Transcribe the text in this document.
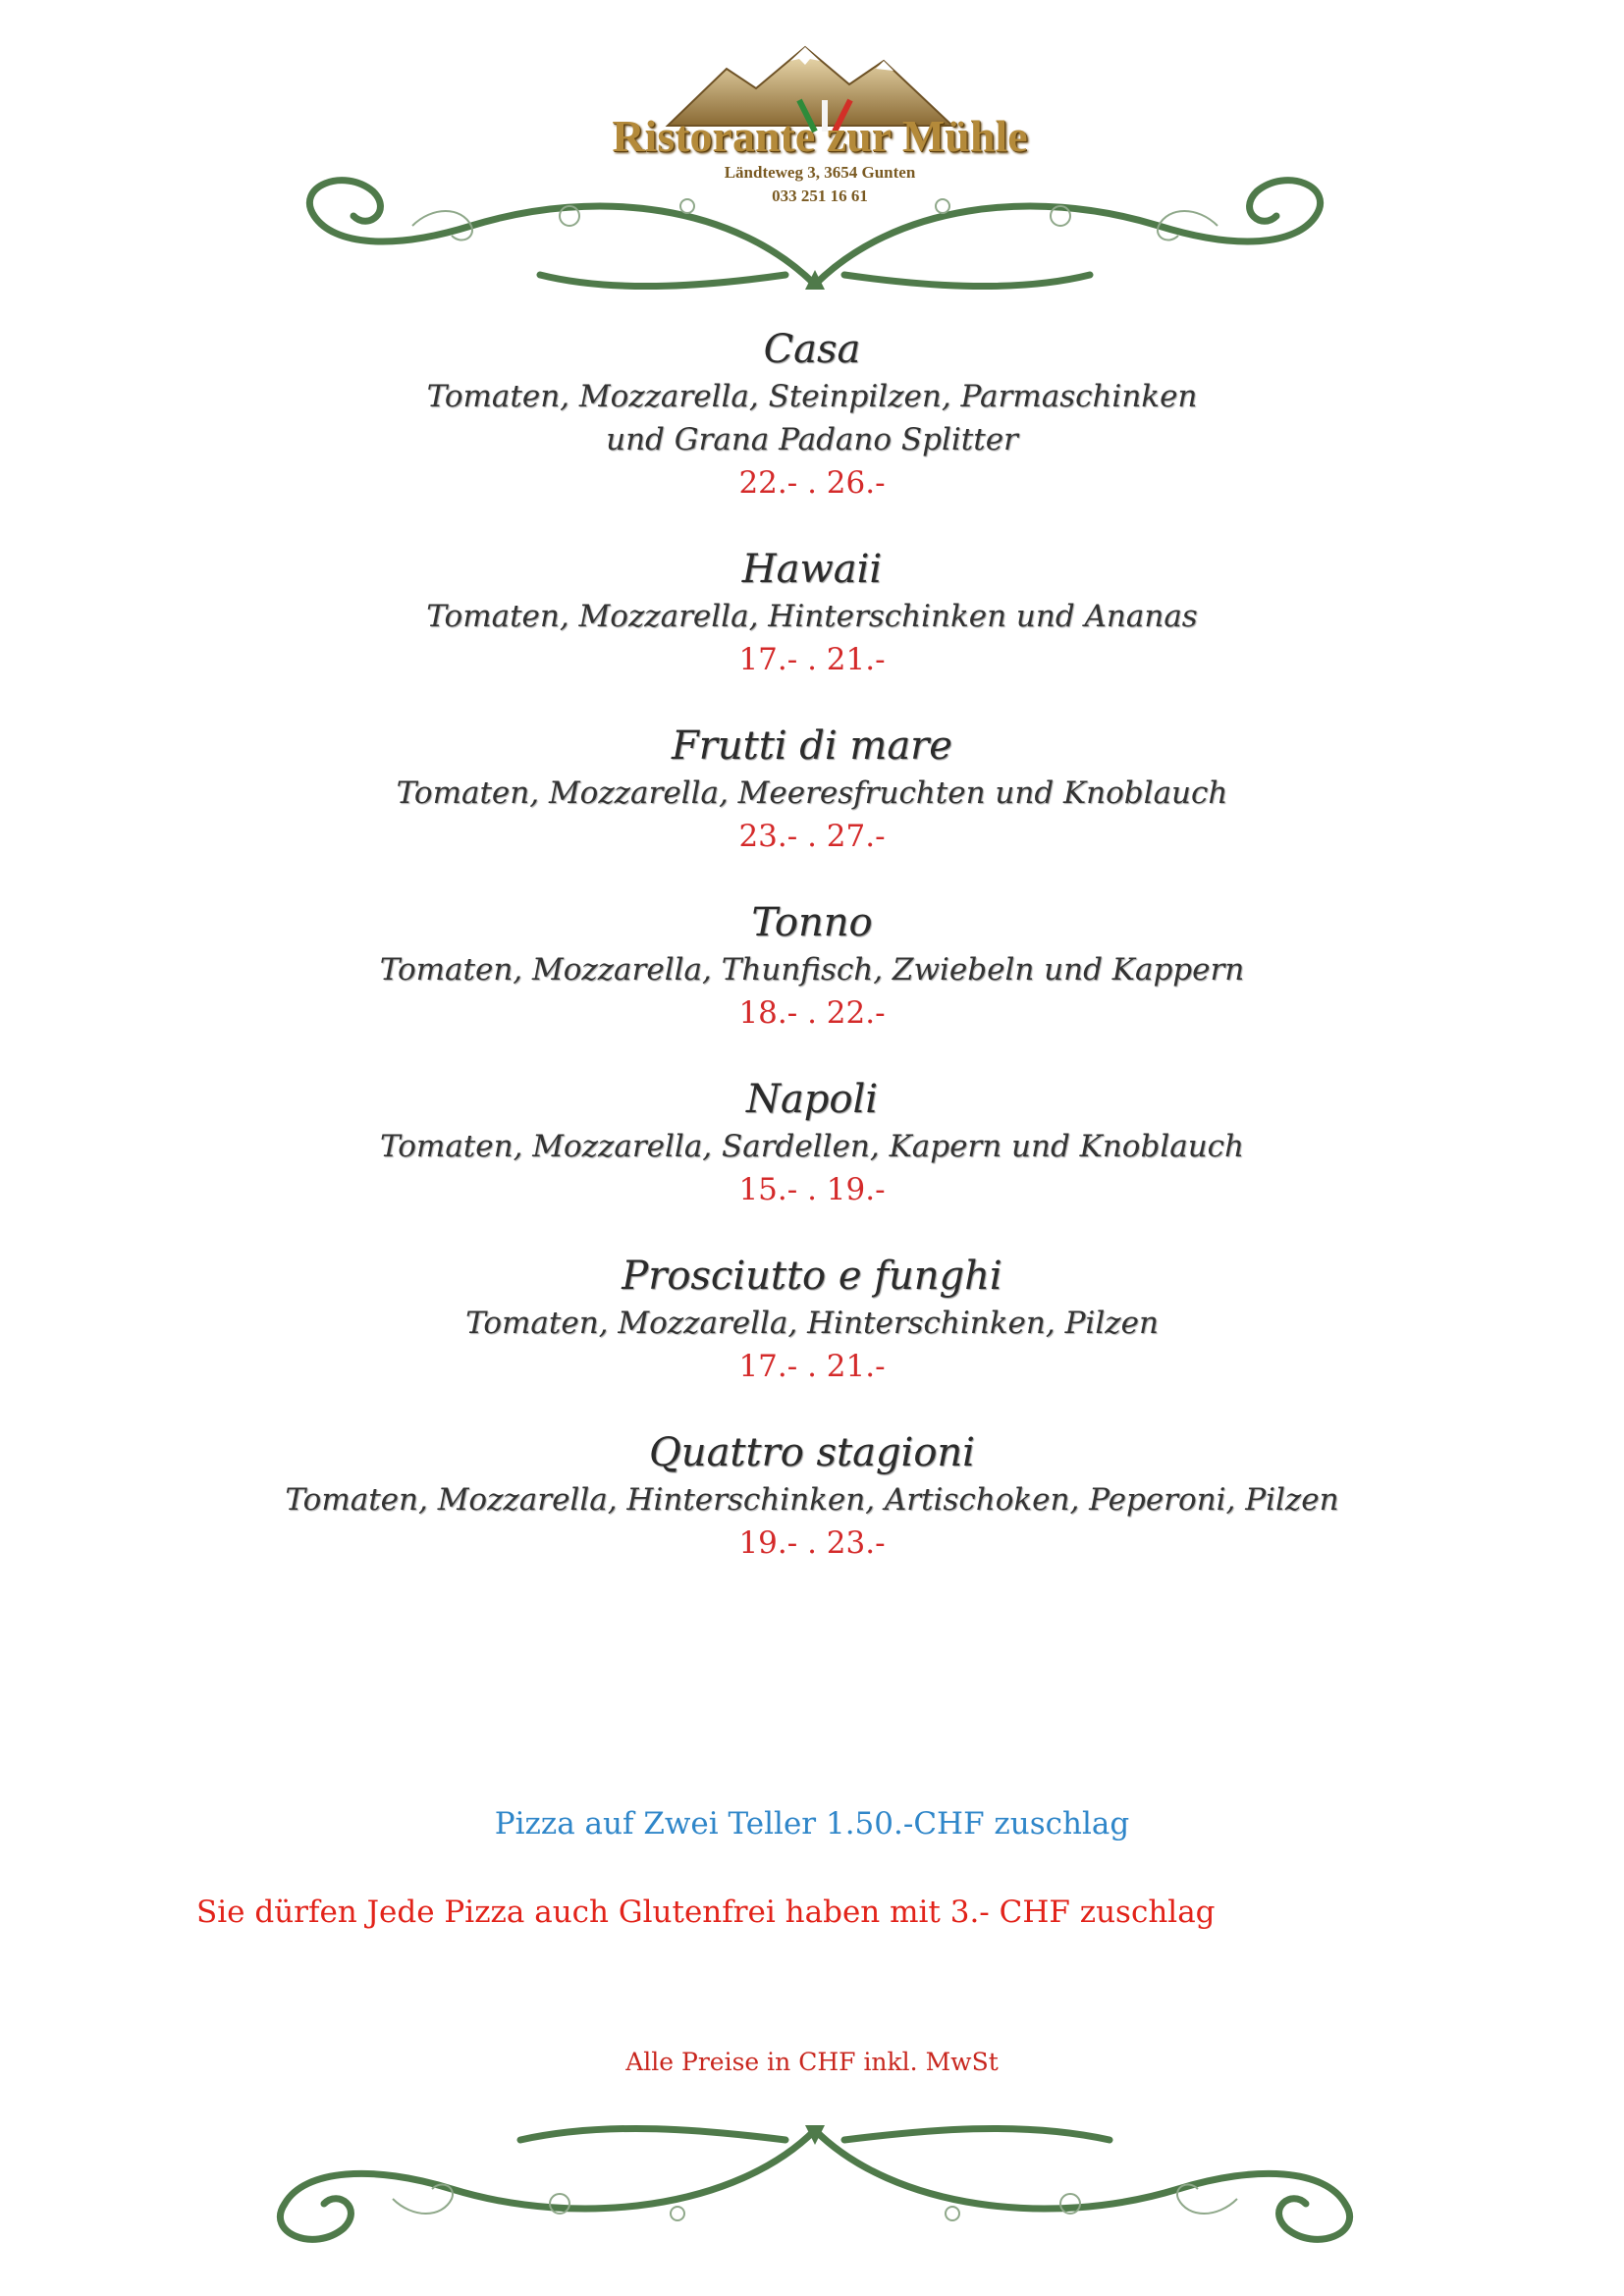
Ristorante zur Mühle
Ländteweg 3, 3654 Gunten
033 251 16 61
Casa
Tomaten, Mozzarella, Steinpilzen, Parmaschinken
und Grana Padano Splitter
22.- . 26.-
Hawaii
Tomaten, Mozzarella, Hinterschinken und Ananas
17.- . 21.-
Frutti di mare
Tomaten, Mozzarella, Meeresfruchten und Knoblauch
23.- . 27.-
Tonno
Tomaten, Mozzarella, Thunfisch, Zwiebeln und Kappern
18.- . 22.-
Napoli
Tomaten, Mozzarella, Sardellen, Kapern und Knoblauch
15.- . 19.-
Prosciutto e funghi
Tomaten, Mozzarella, Hinterschinken, Pilzen
17.- . 21.-
Quattro stagioni
Tomaten, Mozzarella, Hinterschinken, Artischoken, Peperoni, Pilzen
19.- . 23.-
Pizza auf Zwei Teller 1.50.-CHF zuschlag
Sie dürfen Jede Pizza auch Glutenfrei haben mit 3.- CHF zuschlag
Alle Preise in CHF inkl. MwSt
